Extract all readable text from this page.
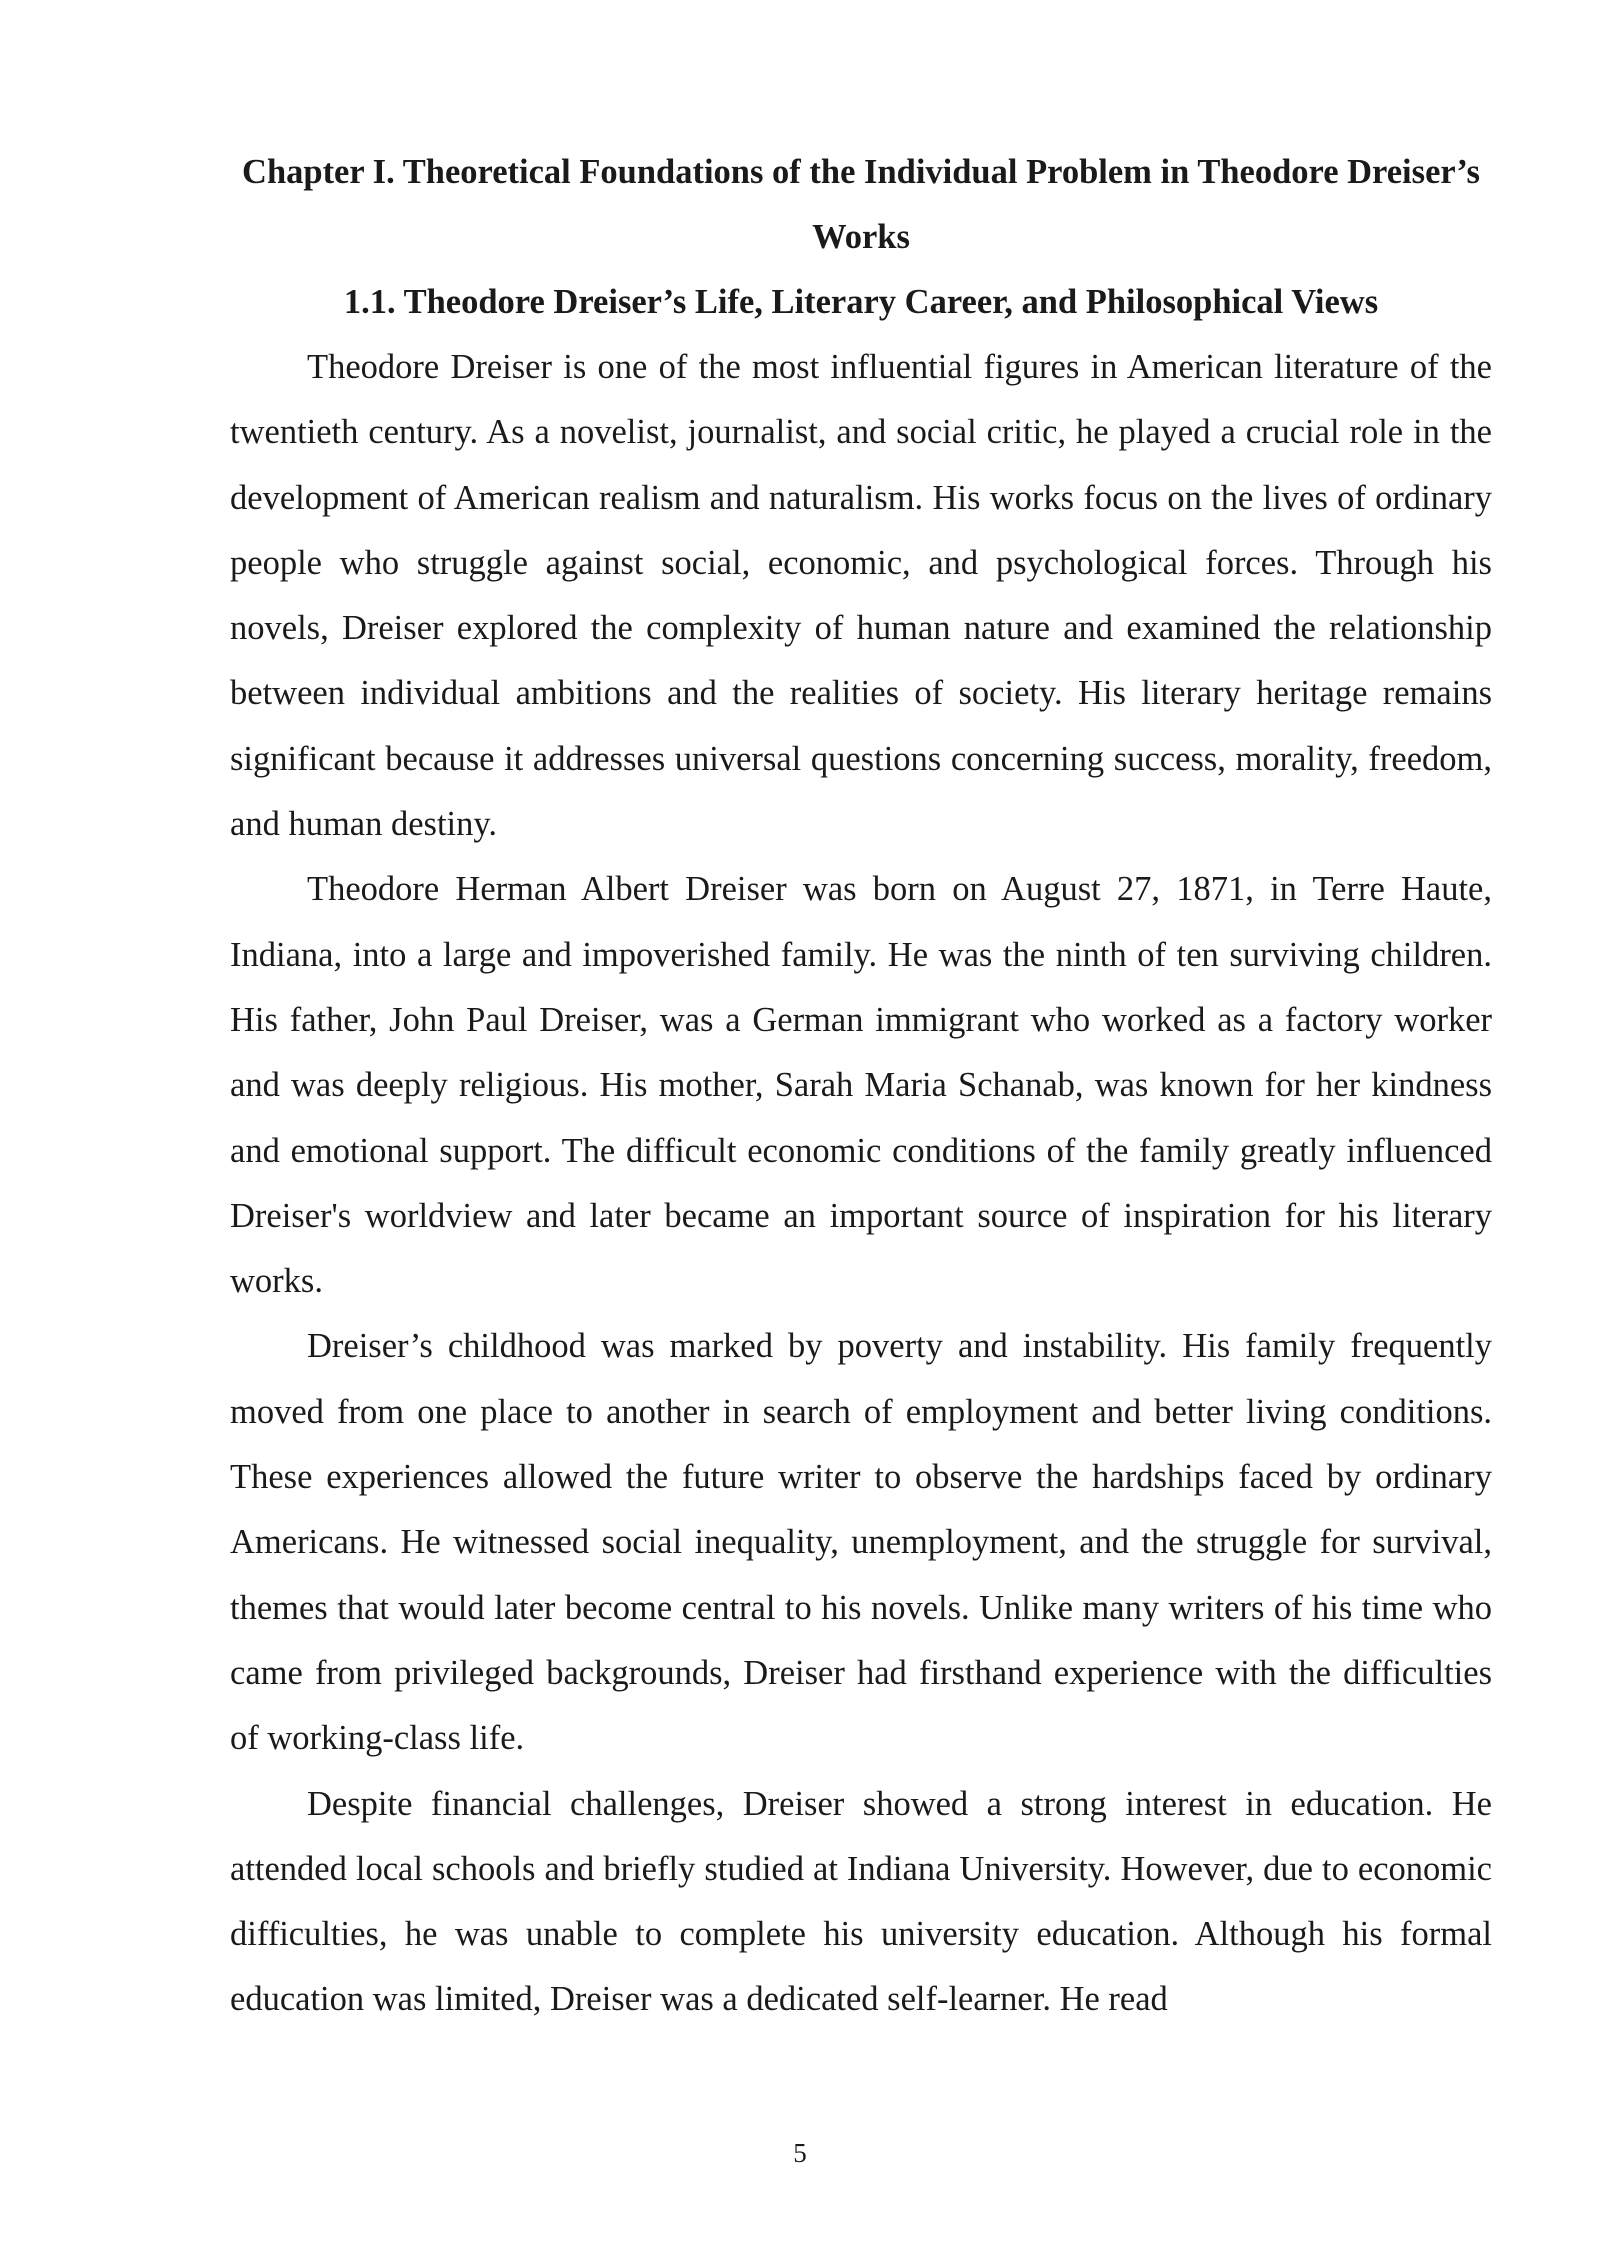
Chapter I. Theoretical Foundations of the Individual Problem in Theodore Dreiser’s Works
1.1. Theodore Dreiser’s Life, Literary Career, and Philosophical Views

Theodore Dreiser is one of the most influential figures in American literature of the twentieth century. As a novelist, journalist, and social critic, he played a crucial role in the development of American realism and naturalism. His works focus on the lives of ordinary people who struggle against social, economic, and psychological forces. Through his novels, Dreiser explored the complexity of human nature and examined the relationship between individual ambitions and the realities of society. His literary heritage remains significant because it addresses universal questions concerning success, morality, freedom, and human destiny.

Theodore Herman Albert Dreiser was born on August 27, 1871, in Terre Haute, Indiana, into a large and impoverished family. He was the ninth of ten surviving children. His father, John Paul Dreiser, was a German immigrant who worked as a factory worker and was deeply religious. His mother, Sarah Maria Schanab, was known for her kindness and emotional support. The difficult economic conditions of the family greatly influenced Dreiser's worldview and later became an important source of inspiration for his literary works.

Dreiser’s childhood was marked by poverty and instability. His family frequently moved from one place to another in search of employment and better living conditions. These experiences allowed the future writer to observe the hardships faced by ordinary Americans. He witnessed social inequality, unemployment, and the struggle for survival, themes that would later become central to his novels. Unlike many writers of his time who came from privileged backgrounds, Dreiser had firsthand experience with the difficulties of working-class life.

Despite financial challenges, Dreiser showed a strong interest in education. He attended local schools and briefly studied at Indiana University. However, due to economic difficulties, he was unable to complete his university education. Although his formal education was limited, Dreiser was a dedicated self-learner. He read

5
